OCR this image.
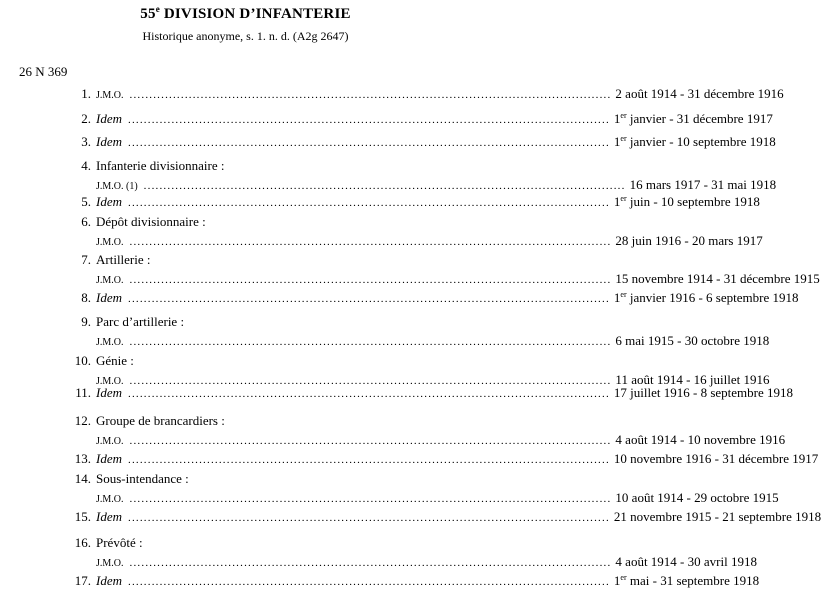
55e DIVISION D’INFANTERIE
Historique anonyme, s. 1. n. d. (A2g 2647)
26 N 369
1. J.M.O. .......................................................................................................................... 2 août 1914 - 31 décembre 1916
2. Idem .......................................................................................................................... 1er janvier - 31 décembre 1917
3. Idem .......................................................................................................................... 1er janvier - 10 septembre 1918
4. Infanterie divisionnaire :
J.M.O. (1) .......................................................................................................................... 16 mars 1917 - 31 mai 1918
5. Idem .......................................................................................................................... 1er juin - 10 septembre 1918
6. Dépôt divisionnaire :
J.M.O. .......................................................................................................................... 28 juin 1916 - 20 mars 1917
7. Artillerie :
J.M.O. .......................................................................................................................... 15 novembre 1914 - 31 décembre 1915
8. Idem .......................................................................................................................... 1er janvier 1916 - 6 septembre 1918
9. Parc d’artillerie :
J.M.O. .......................................................................................................................... 6 mai 1915 - 30 octobre 1918
10. Génie :
J.M.O. .......................................................................................................................... 11 août 1914 - 16 juillet 1916
11. Idem .......................................................................................................................... 17 juillet 1916 - 8 septembre 1918
12. Groupe de brancardiers :
J.M.O. .......................................................................................................................... 4 août 1914 - 10 novembre 1916
13. Idem .......................................................................................................................... 10 novembre 1916 - 31 décembre 1917
14. Sous-intendance :
J.M.O. .......................................................................................................................... 10 août 1914 - 29 octobre 1915
15. Idem .......................................................................................................................... 21 novembre 1915 - 21 septembre 1918
16. Prévôté :
J.M.O. .......................................................................................................................... 4 août 1914 - 30 avril 1918
17. Idem .......................................................................................................................... 1er mai - 31 septembre 1918
